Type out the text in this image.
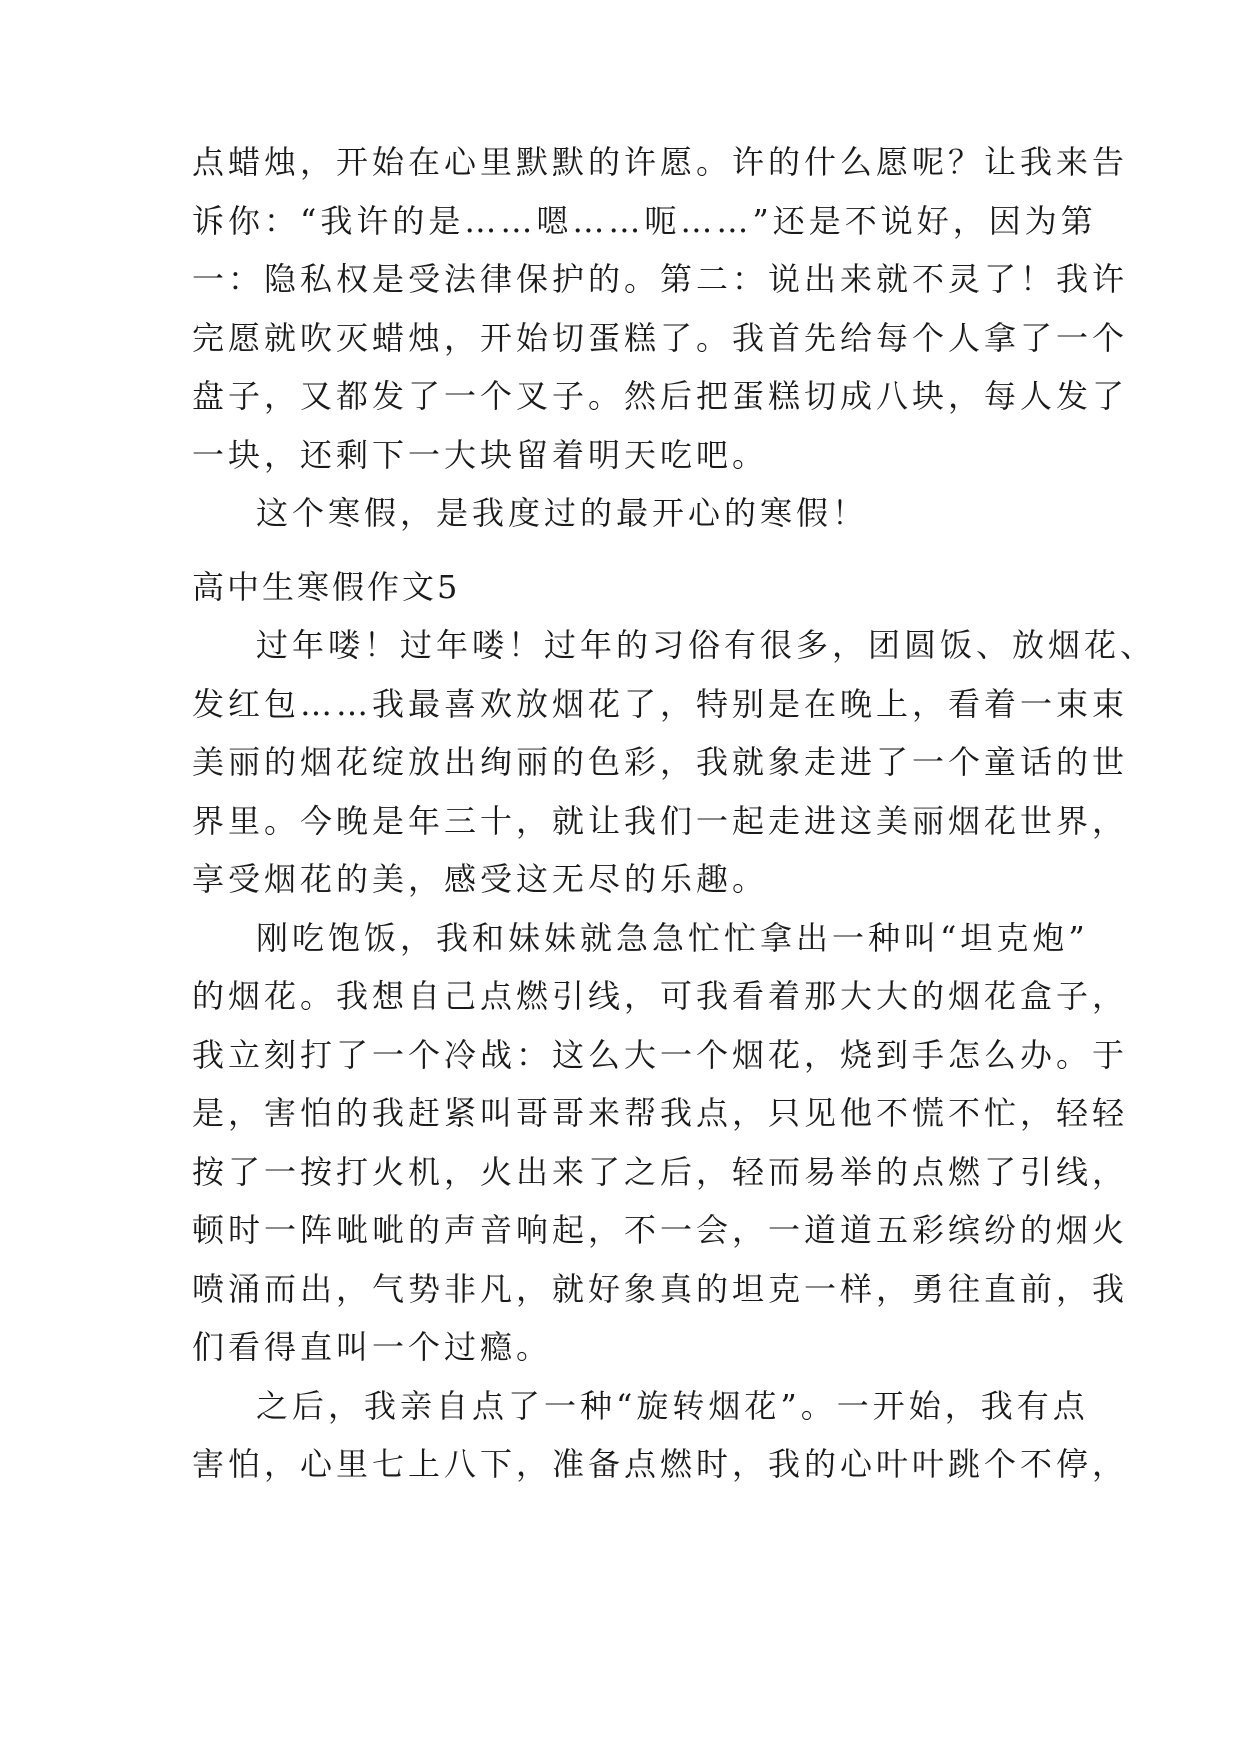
点蜡烛，开始在心里默默的许愿。许的什么愿呢？让我来告
诉你：“我许的是……嗯……呃……”还是不说好，因为第
一：隐私权是受法律保护的。第二：说出来就不灵了！我许
完愿就吹灭蜡烛，开始切蛋糕了。我首先给每个人拿了一个
盘子，又都发了一个叉子。然后把蛋糕切成八块，每人发了
一块，还剩下一大块留着明天吃吧。
这个寒假，是我度过的最开心的寒假！
高中生寒假作文5
过年喽！过年喽！过年的习俗有很多，团圆饭、放烟花、
发红包……我最喜欢放烟花了，特别是在晚上，看着一束束
美丽的烟花绽放出绚丽的色彩，我就象走进了一个童话的世
界里。今晚是年三十，就让我们一起走进这美丽烟花世界，
享受烟花的美，感受这无尽的乐趣。
刚吃饱饭，我和妹妹就急急忙忙拿出一种叫“坦克炮”
的烟花。我想自己点燃引线，可我看着那大大的烟花盒子，
我立刻打了一个冷战：这么大一个烟花，烧到手怎么办。于
是，害怕的我赶紧叫哥哥来帮我点，只见他不慌不忙，轻轻
按了一按打火机，火出来了之后，轻而易举的点燃了引线，
顿时一阵呲呲的声音响起，不一会，一道道五彩缤纷的烟火
喷涌而出，气势非凡，就好象真的坦克一样，勇往直前，我
们看得直叫一个过瘾。
之后，我亲自点了一种“旋转烟花”。一开始，我有点
害怕，心里七上八下，准备点燃时，我的心叶叶跳个不停，
